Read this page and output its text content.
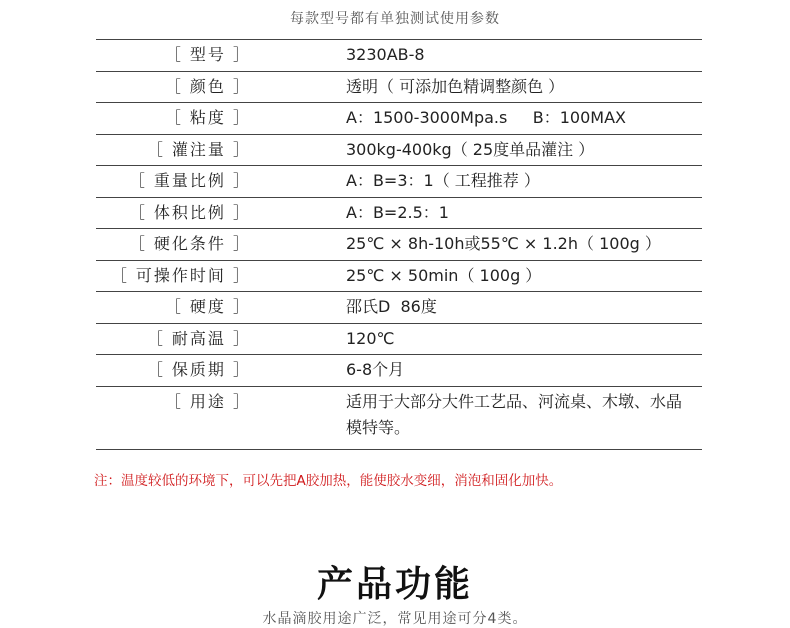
每款型号都有单独测试使用参数
［ 型号 ］	3230AB-8
［ 颜色 ］	透明（ 可添加色精调整颜色 ）
［ 粘度 ］	A：1500-3000Mpa.s     B：100MAX
［ 灌注量 ］	300kg-400kg（ 25度单品灌注 ）
［ 重量比例 ］	A：B=3：1（ 工程推荐 ）
［ 体积比例 ］	A：B=2.5：1
［ 硬化条件 ］	25℃ × 8h-10h或55℃ × 1.2h（ 100g ）
［ 可操作时间 ］	25℃ × 50min（ 100g ）
［ 硬度 ］	邵氏D  86度
［ 耐高温 ］	120℃
［ 保质期 ］	6-8个月
［ 用途 ］	适用于大部分大件工艺品、河流桌、木墩、水晶模特等。
注：温度较低的环境下，可以先把A胶加热，能使胶水变细，消泡和固化加快。
产品功能
水晶滴胶用途广泛，常见用途可分4类。
